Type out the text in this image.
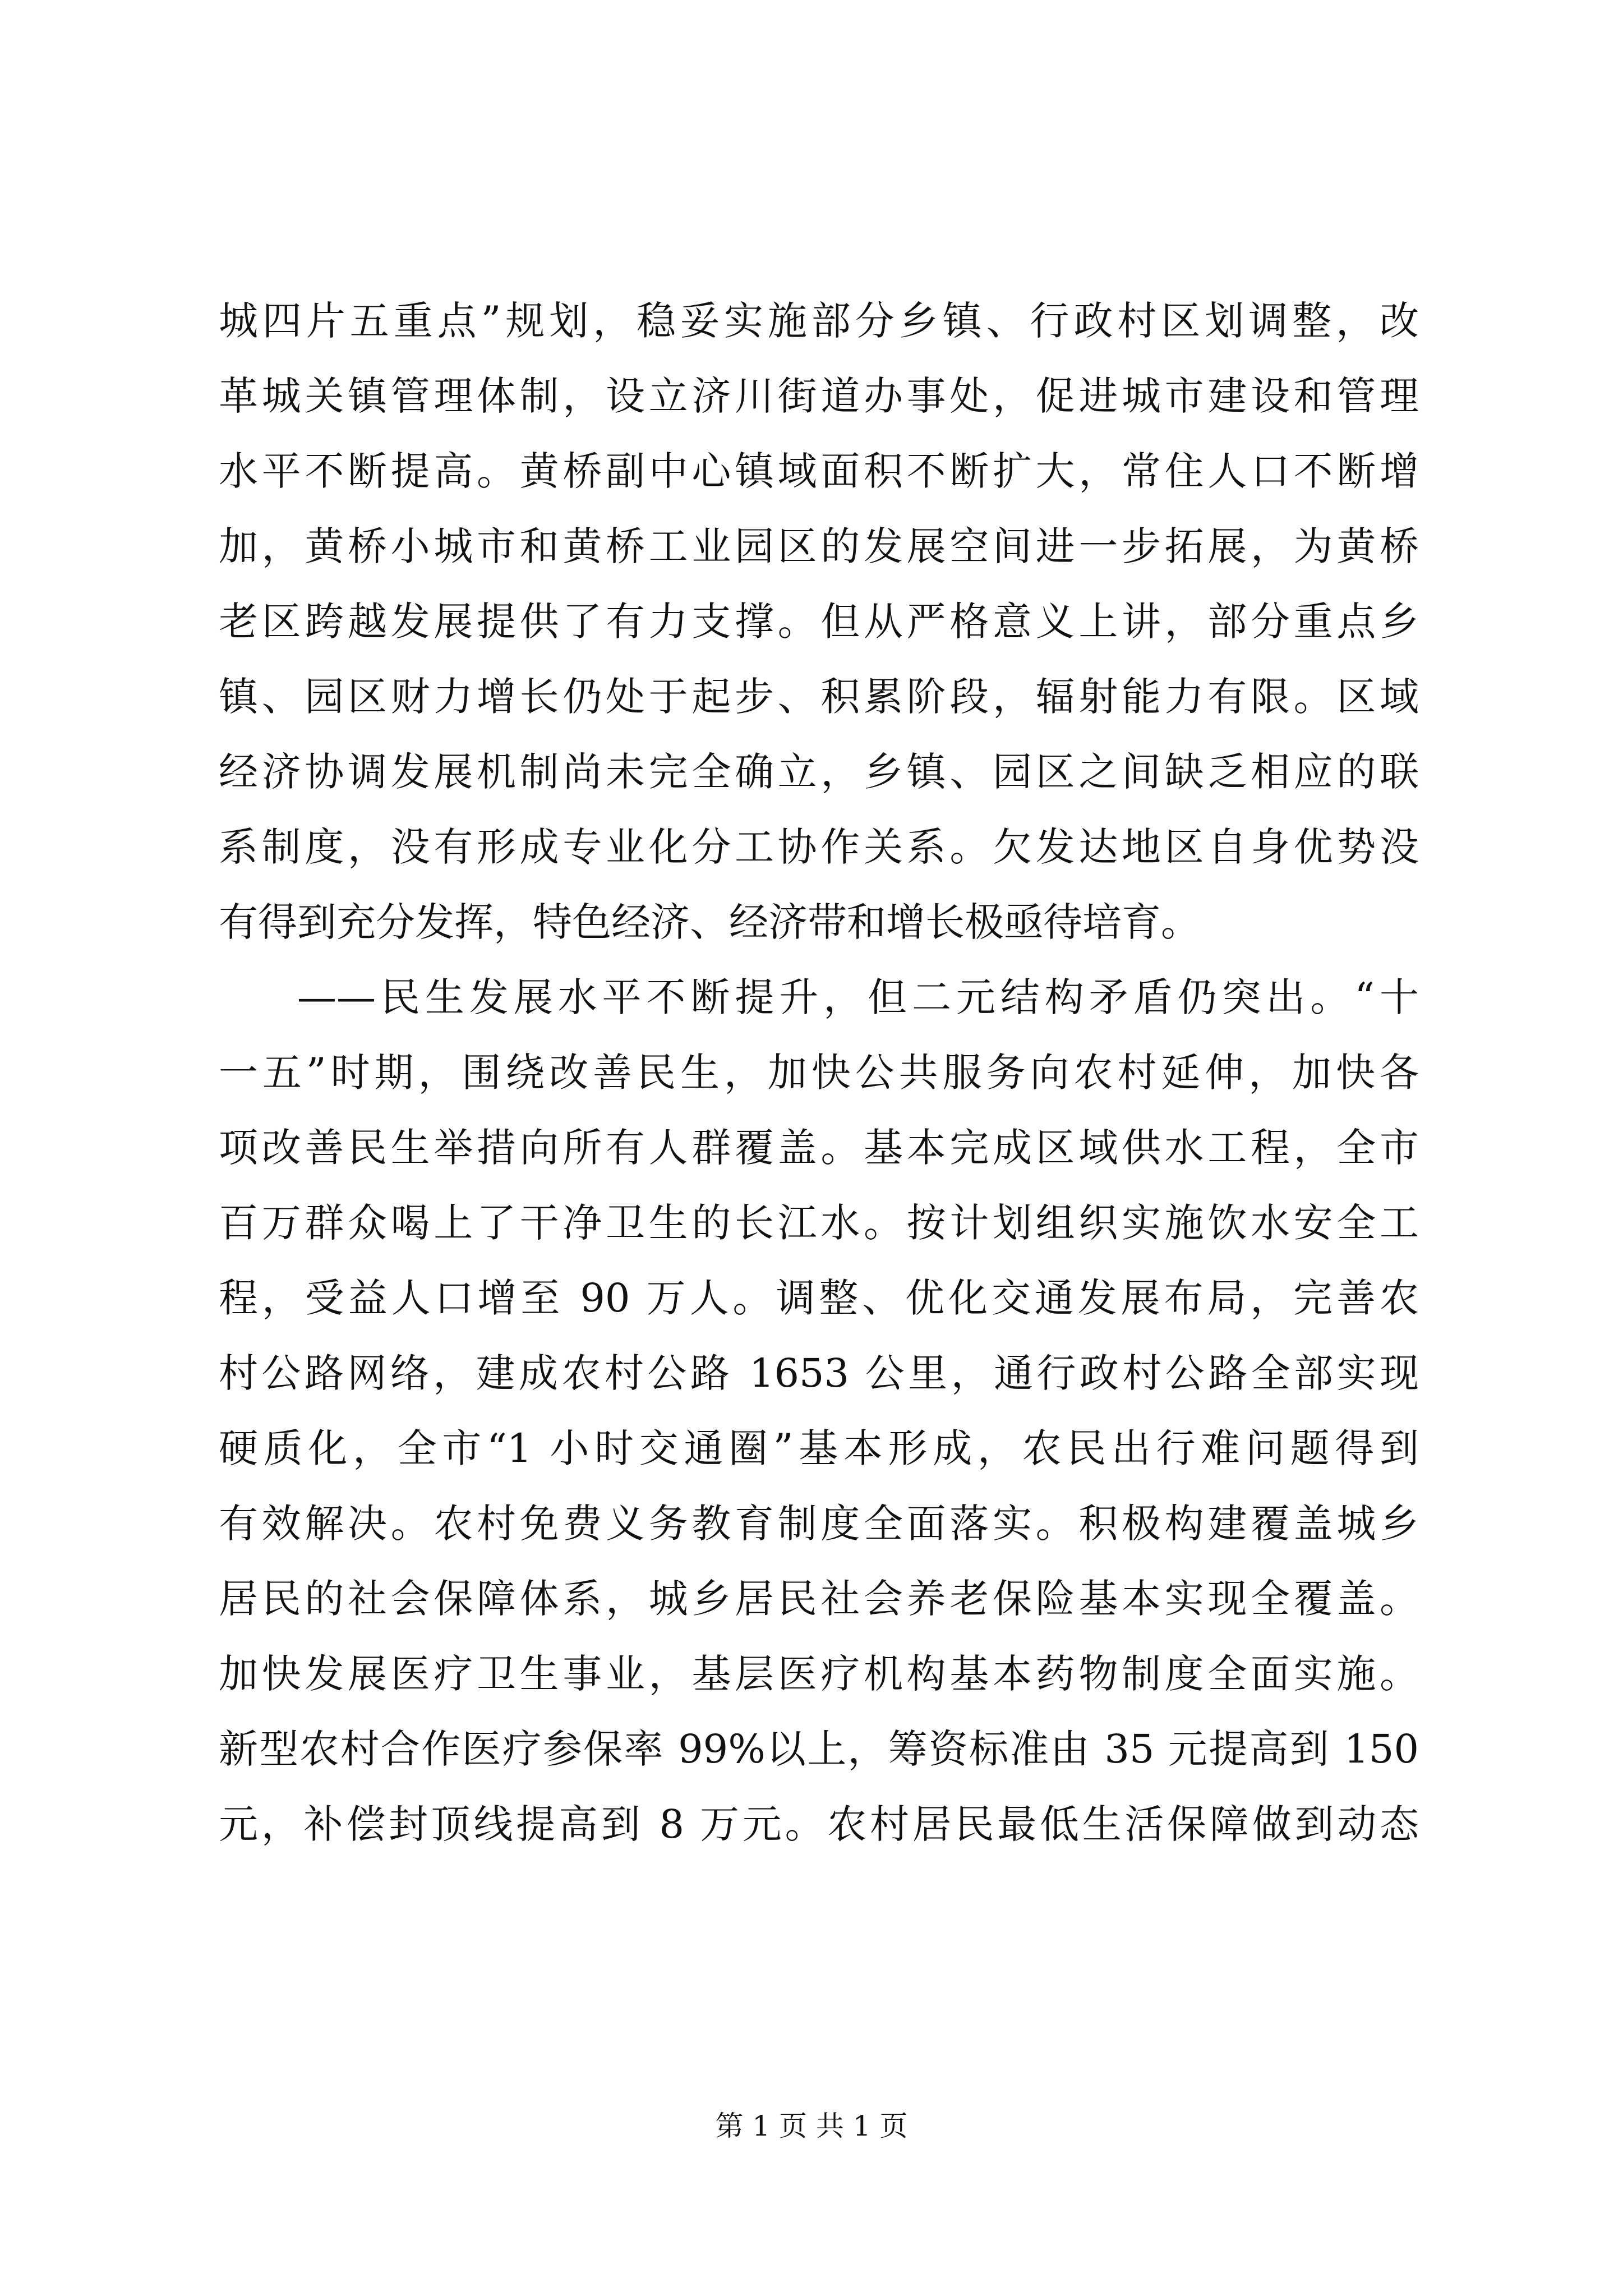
城四片五重点”规划，稳妥实施部分乡镇、行政村区划调整，改
革城关镇管理体制，设立济川街道办事处，促进城市建设和管理
水平不断提高。黄桥副中心镇域面积不断扩大，常住人口不断增
加，黄桥小城市和黄桥工业园区的发展空间进一步拓展，为黄桥
老区跨越发展提供了有力支撑。但从严格意义上讲，部分重点乡
镇、园区财力增长仍处于起步、积累阶段，辐射能力有限。区域
经济协调发展机制尚未完全确立，乡镇、园区之间缺乏相应的联
系制度，没有形成专业化分工协作关系。欠发达地区自身优势没
有得到充分发挥，特色经济、经济带和增长极亟待培育。
——民生发展水平不断提升，但二元结构矛盾仍突出。“十
一五”时期，围绕改善民生，加快公共服务向农村延伸，加快各
项改善民生举措向所有人群覆盖。基本完成区域供水工程，全市
百万群众喝上了干净卫生的长江水。按计划组织实施饮水安全工
程，受益人口增至 90 万人。调整、优化交通发展布局，完善农
村公路网络，建成农村公路 1653 公里，通行政村公路全部实现
硬质化，全市“1 小时交通圈”基本形成，农民出行难问题得到
有效解决。农村免费义务教育制度全面落实。积极构建覆盖城乡
居民的社会保障体系，城乡居民社会养老保险基本实现全覆盖。
加快发展医疗卫生事业，基层医疗机构基本药物制度全面实施。
新型农村合作医疗参保率 99%以上，筹资标准由 35 元提高到 150
元，补偿封顶线提高到 8 万元。农村居民最低生活保障做到动态
第 1 页 共 1 页
